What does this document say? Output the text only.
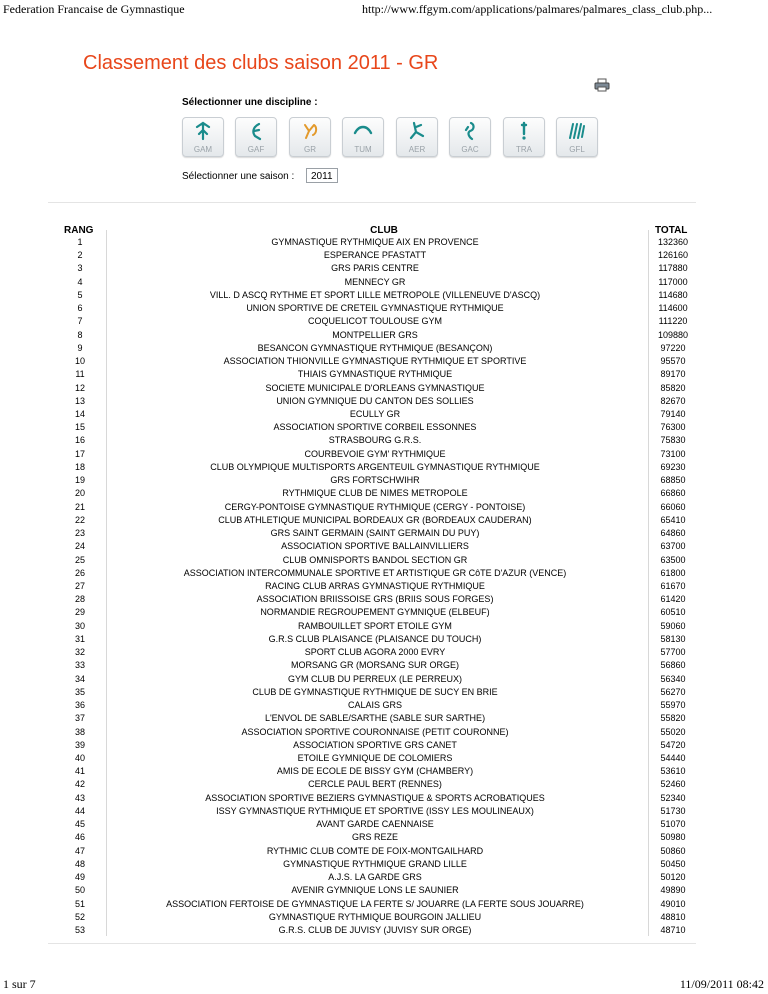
Federation Francaise de Gymnastique	http://www.ffgym.com/applications/palmares/palmares_class_club.php...
Classement des clubs saison 2011 - GR
Sélectionner une discipline :
GAM	GAF	GR	TUM	AER	GAC	TRA	GFL
Sélectionner une saison :	2011
RANG	CLUB	TOTAL
1	GYMNASTIQUE RYTHMIQUE AIX EN PROVENCE	132360
2	ESPERANCE PFASTATT	126160
3	GRS PARIS CENTRE	117880
4	MENNECY GR	117000
5	VILL. D ASCQ RYTHME ET SPORT LILLE METROPOLE (VILLENEUVE D'ASCQ)	114680
6	UNION SPORTIVE DE CRETEIL GYMNASTIQUE RYTHMIQUE	114600
7	COQUELICOT TOULOUSE GYM	111220
8	MONTPELLIER GRS	109880
9	BESANCON GYMNASTIQUE RYTHMIQUE (BESANÇON)	97220
10	ASSOCIATION THIONVILLE GYMNASTIQUE RYTHMIQUE ET SPORTIVE	95570
11	THIAIS GYMNASTIQUE RYTHMIQUE	89170
12	SOCIETE MUNICIPALE D'ORLEANS GYMNASTIQUE	85820
13	UNION GYMNIQUE DU CANTON DES SOLLIES	82670
14	ECULLY GR	79140
15	ASSOCIATION SPORTIVE CORBEIL ESSONNES	76300
16	STRASBOURG G.R.S.	75830
17	COURBEVOIE GYM' RYTHMIQUE	73100
18	CLUB OLYMPIQUE MULTISPORTS ARGENTEUIL GYMNASTIQUE RYTHMIQUE	69230
19	GRS FORTSCHWIHR	68850
20	RYTHMIQUE CLUB DE NIMES METROPOLE	66860
21	CERGY-PONTOISE GYMNASTIQUE RYTHMIQUE (CERGY - PONTOISE)	66060
22	CLUB ATHLETIQUE MUNICIPAL BORDEAUX GR (BORDEAUX CAUDERAN)	65410
23	GRS SAINT GERMAIN (SAINT GERMAIN DU PUY)	64860
24	ASSOCIATION SPORTIVE BALLAINVILLIERS	63700
25	CLUB OMNISPORTS BANDOL SECTION GR	63500
26	ASSOCIATION INTERCOMMUNALE SPORTIVE ET ARTISTIQUE GR CôTE D'AZUR (VENCE)	61800
27	RACING CLUB ARRAS GYMNASTIQUE RYTHMIQUE	61670
28	ASSOCIATION BRIISSOISE GRS (BRIIS SOUS FORGES)	61420
29	NORMANDIE REGROUPEMENT GYMNIQUE (ELBEUF)	60510
30	RAMBOUILLET SPORT ETOILE GYM	59060
31	G.R.S CLUB PLAISANCE (PLAISANCE DU TOUCH)	58130
32	SPORT CLUB AGORA 2000 EVRY	57700
33	MORSANG GR (MORSANG SUR ORGE)	56860
34	GYM CLUB DU PERREUX (LE PERREUX)	56340
35	CLUB DE GYMNASTIQUE RYTHMIQUE DE SUCY EN BRIE	56270
36	CALAIS GRS	55970
37	L'ENVOL DE SABLE/SARTHE (SABLE SUR SARTHE)	55820
38	ASSOCIATION SPORTIVE COURONNAISE (PETIT COURONNE)	55020
39	ASSOCIATION SPORTIVE GRS CANET	54720
40	ETOILE GYMNIQUE DE COLOMIERS	54440
41	AMIS DE ECOLE DE BISSY GYM (CHAMBERY)	53610
42	CERCLE PAUL BERT (RENNES)	52460
43	ASSOCIATION SPORTIVE BEZIERS GYMNASTIQUE & SPORTS ACROBATIQUES	52340
44	ISSY GYMNASTIQUE RYTHMIQUE ET SPORTIVE (ISSY LES MOULINEAUX)	51730
45	AVANT GARDE CAENNAISE	51070
46	GRS REZE	50980
47	RYTHMIC CLUB COMTE DE FOIX-MONTGAILHARD	50860
48	GYMNASTIQUE RYTHMIQUE GRAND LILLE	50450
49	A.J.S. LA GARDE GRS	50120
50	AVENIR GYMNIQUE LONS LE SAUNIER	49890
51	ASSOCIATION FERTOISE DE GYMNASTIQUE LA FERTE S/ JOUARRE (LA FERTE SOUS JOUARRE)	49010
52	GYMNASTIQUE RYTHMIQUE BOURGOIN JALLIEU	48810
53	G.R.S. CLUB DE JUVISY (JUVISY SUR ORGE)	48710
1 sur 7	11/09/2011 08:42
